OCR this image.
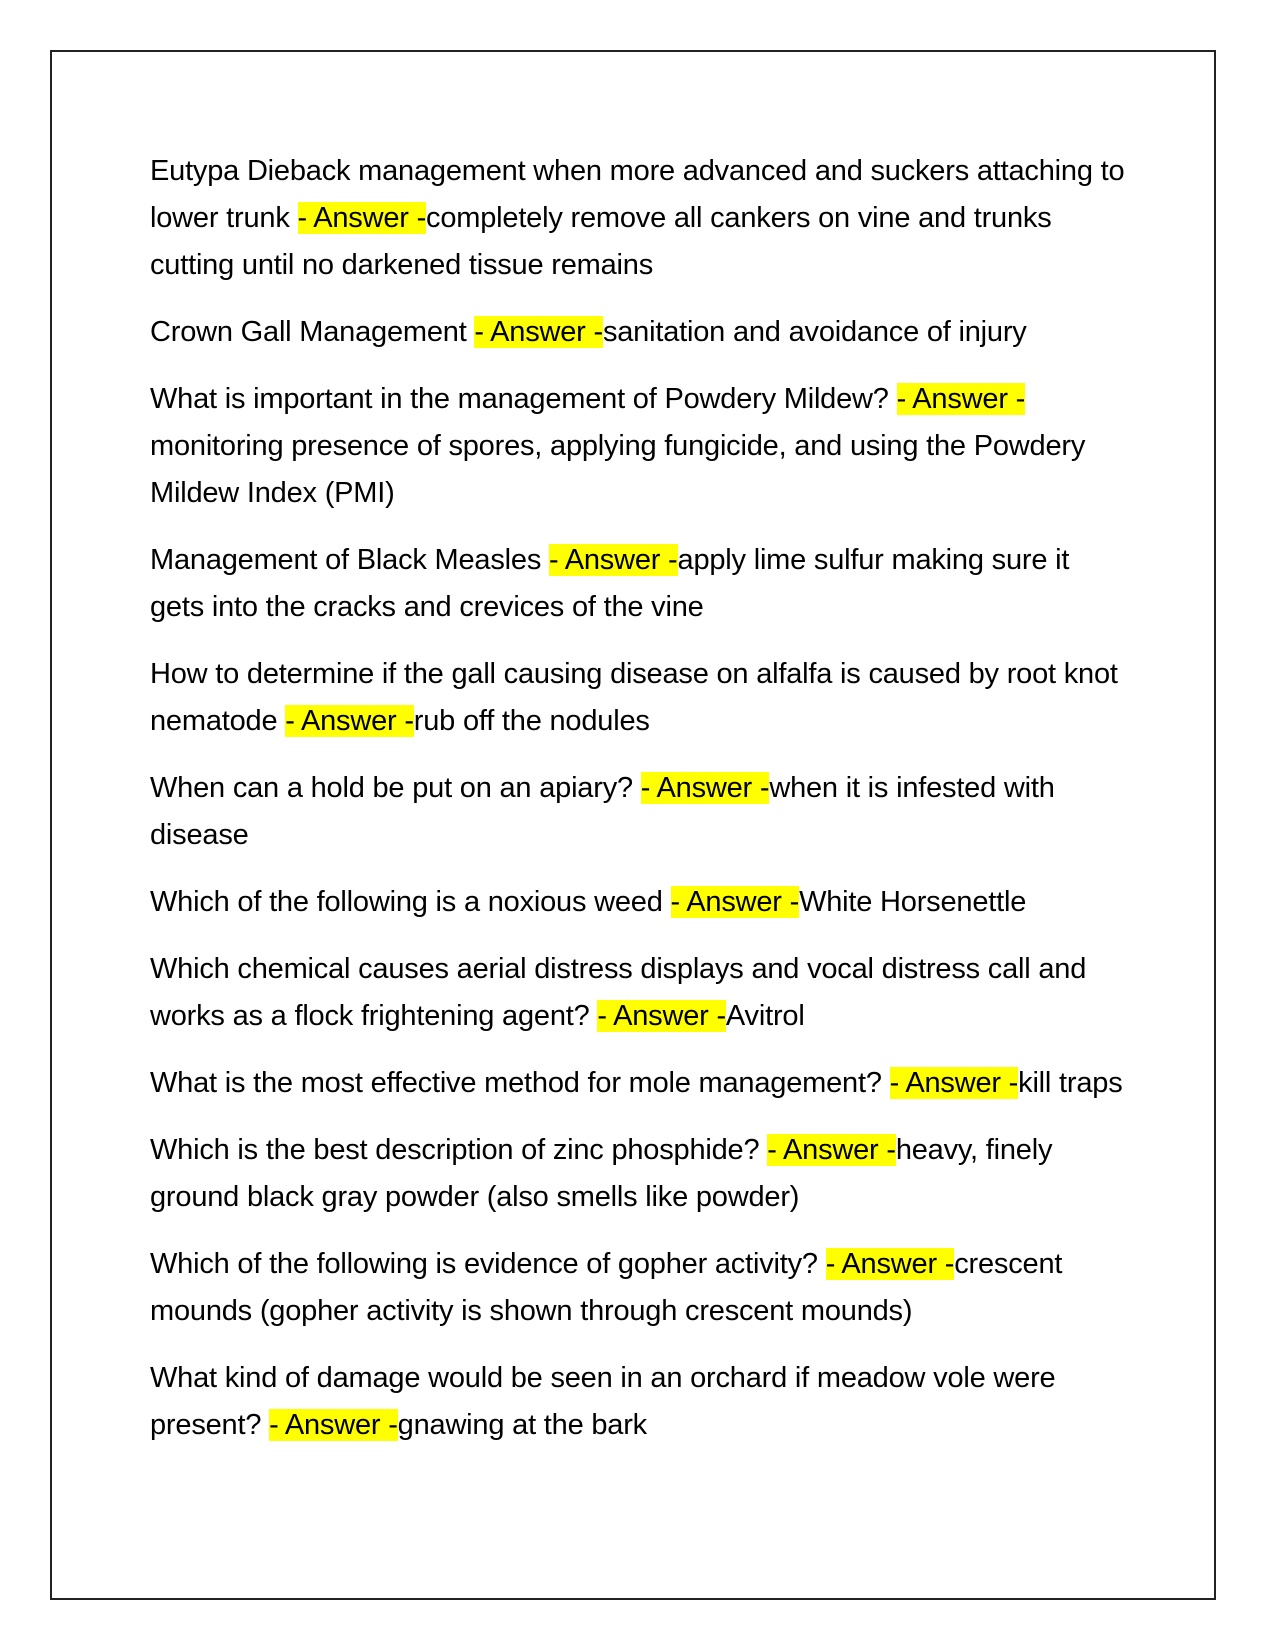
Eutypa Dieback management when more advanced and suckers attaching to lower trunk - Answer -completely remove all cankers on vine and trunks cutting until no darkened tissue remains
Crown Gall Management - Answer -sanitation and avoidance of injury
What is important in the management of Powdery Mildew? - Answer -monitoring presence of spores, applying fungicide, and using the Powdery Mildew Index (PMI)
Management of Black Measles - Answer -apply lime sulfur making sure it gets into the cracks and crevices of the vine
How to determine if the gall causing disease on alfalfa is caused by root knot nematode - Answer -rub off the nodules
When can a hold be put on an apiary? - Answer -when it is infested with disease
Which of the following is a noxious weed - Answer -White Horsenettle
Which chemical causes aerial distress displays and vocal distress call and works as a flock frightening agent? - Answer -Avitrol
What is the most effective method for mole management? - Answer -kill traps
Which is the best description of zinc phosphide? - Answer -heavy, finely ground black gray powder (also smells like powder)
Which of the following is evidence of gopher activity? - Answer -crescent mounds (gopher activity is shown through crescent mounds)
What kind of damage would be seen in an orchard if meadow vole were present? - Answer -gnawing at the bark
